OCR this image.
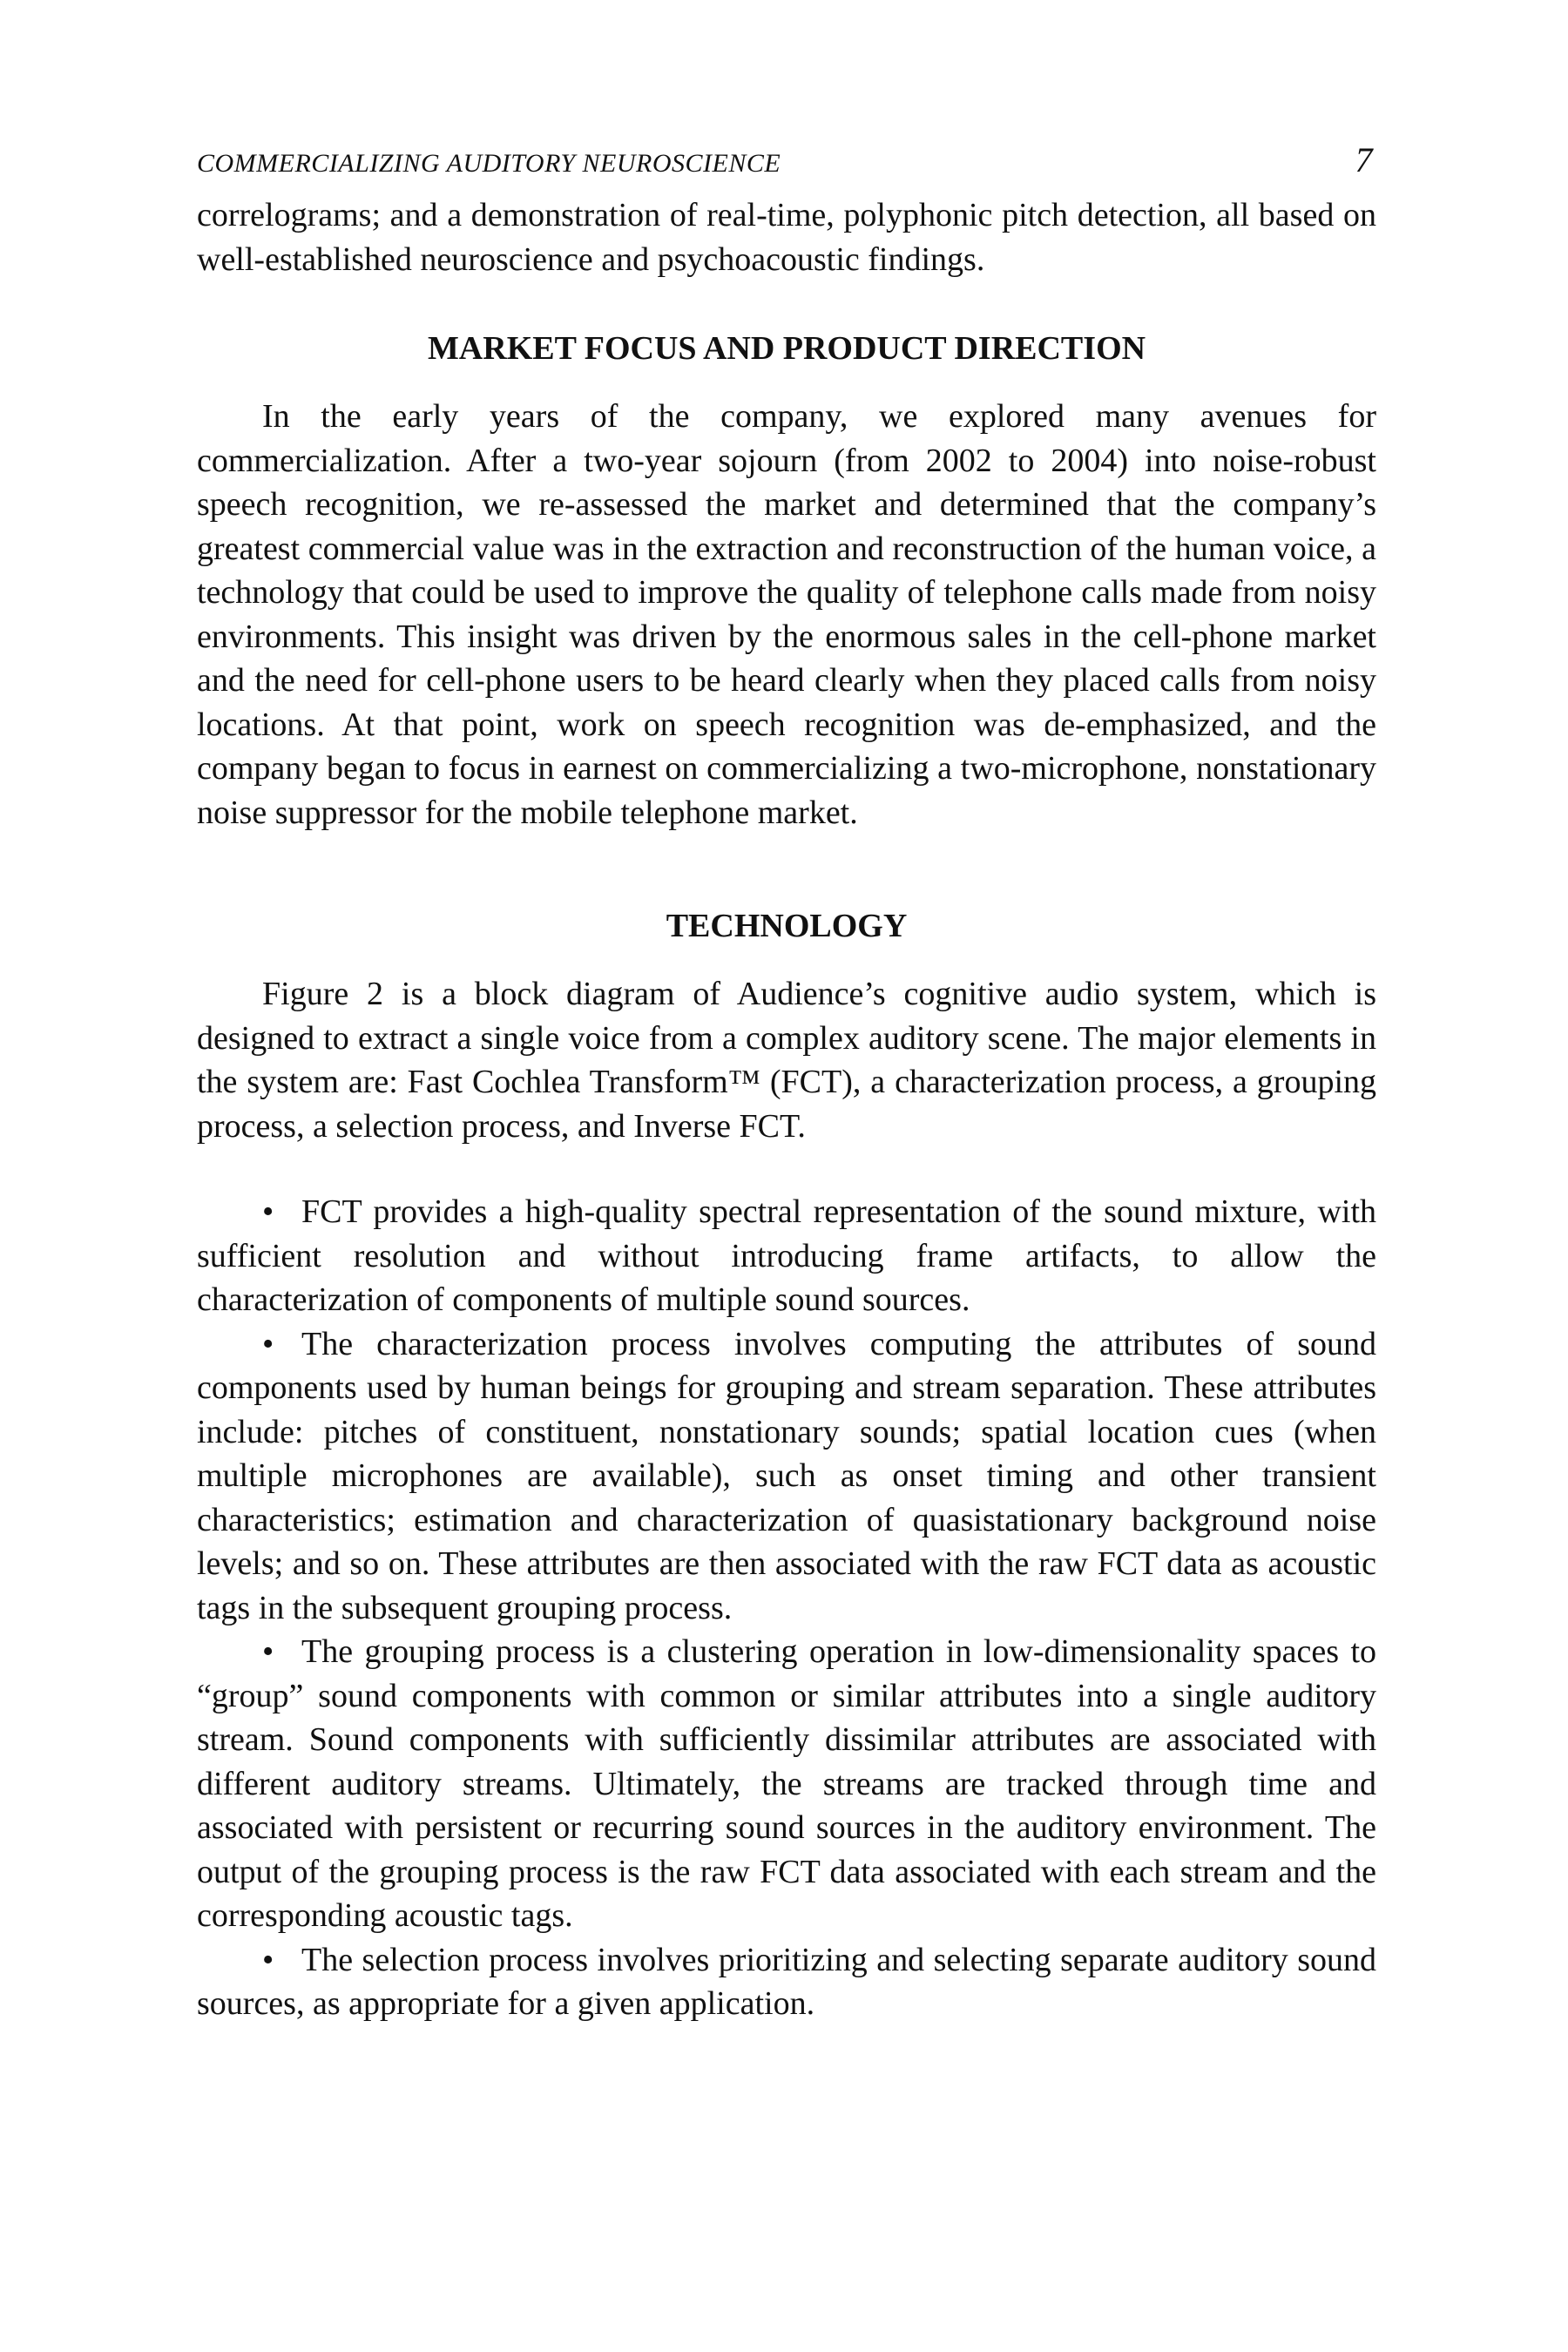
COMMERCIALIZING AUDITORY NEUROSCIENCE	7

correlograms; and a demonstration of real-time, polyphonic pitch detection, all based on well-established neuroscience and psychoacoustic findings.

MARKET FOCUS AND PRODUCT DIRECTION

In the early years of the company, we explored many avenues for commercialization. After a two-year sojourn (from 2002 to 2004) into noise-robust speech recognition, we re-assessed the market and determined that the company’s greatest commercial value was in the extraction and reconstruction of the human voice, a technology that could be used to improve the quality of telephone calls made from noisy environments. This insight was driven by the enormous sales in the cell-phone market and the need for cell-phone users to be heard clearly when they placed calls from noisy locations. At that point, work on speech recognition was de-emphasized, and the company began to focus in earnest on commercializing a two-microphone, nonstationary noise suppressor for the mobile telephone market.

TECHNOLOGY

Figure 2 is a block diagram of Audience’s cognitive audio system, which is designed to extract a single voice from a complex auditory scene. The major elements in the system are: Fast Cochlea Transform™ (FCT), a characterization process, a grouping process, a selection process, and Inverse FCT.

• FCT provides a high-quality spectral representation of the sound mixture, with sufficient resolution and without introducing frame artifacts, to allow the characterization of components of multiple sound sources.
• The characterization process involves computing the attributes of sound components used by human beings for grouping and stream separation. These attributes include: pitches of constituent, nonstationary sounds; spatial location cues (when multiple microphones are available), such as onset timing and other transient characteristics; estimation and characterization of quasistationary background noise levels; and so on. These attributes are then associated with the raw FCT data as acoustic tags in the subsequent grouping process.
• The grouping process is a clustering operation in low-dimensionality spaces to “group” sound components with common or similar attributes into a single auditory stream. Sound components with sufficiently dissimilar attributes are associated with different auditory streams. Ultimately, the streams are tracked through time and associated with persistent or recurring sound sources in the auditory environment. The output of the grouping process is the raw FCT data associated with each stream and the corresponding acoustic tags.
• The selection process involves prioritizing and selecting separate auditory sound sources, as appropriate for a given application.
